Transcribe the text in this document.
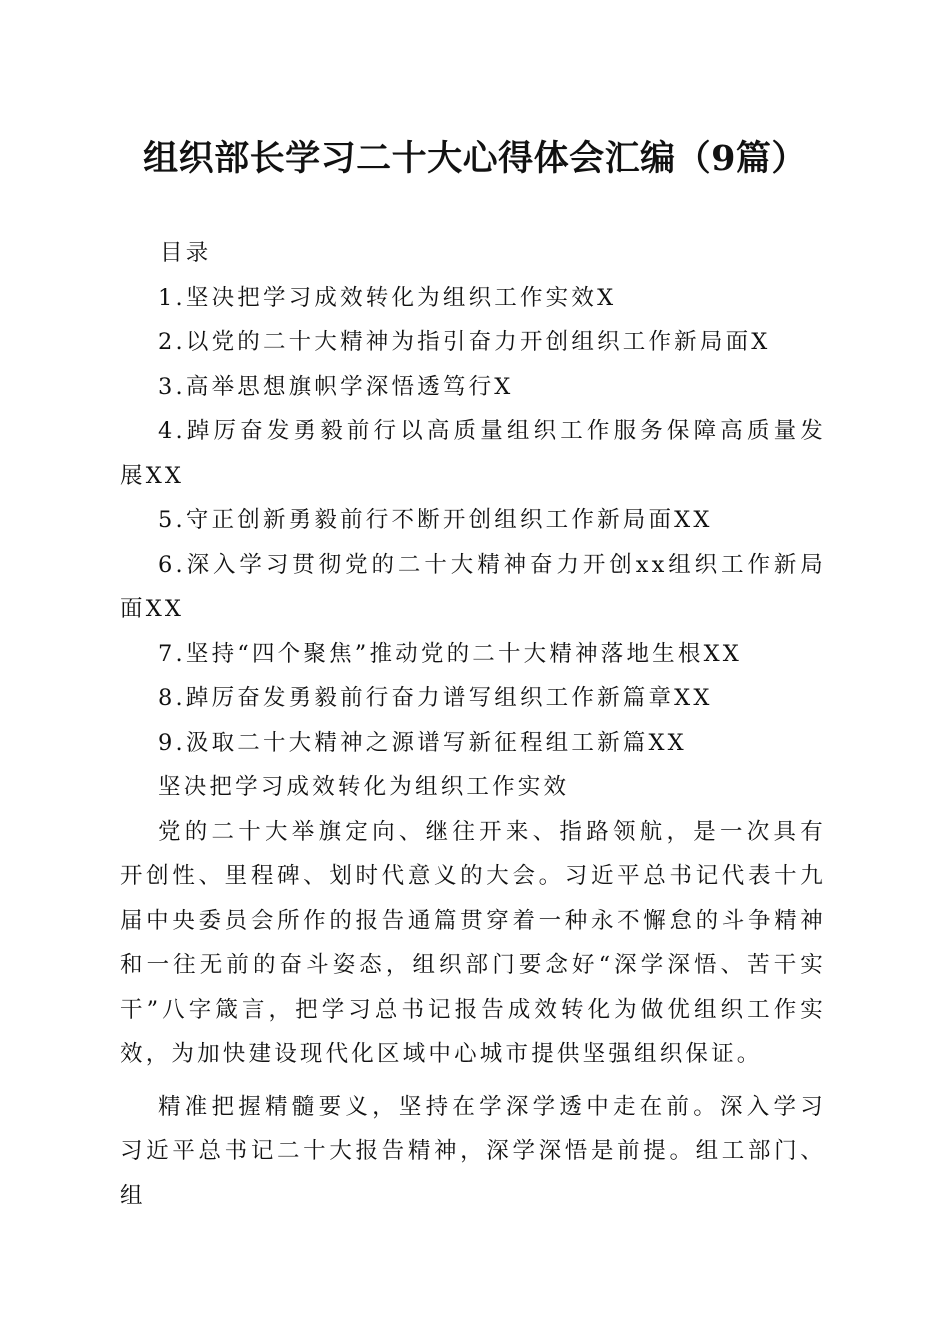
组织部长学习二十大心得体会汇编（9篇）

目录

1.坚决把学习成效转化为组织工作实效X

2.以党的二十大精神为指引奋力开创组织工作新局面X

3.高举思想旗帜学深悟透笃行X

4.踔厉奋发勇毅前行以高质量组织工作服务保障高质量发展XX

5.守正创新勇毅前行不断开创组织工作新局面XX

6.深入学习贯彻党的二十大精神奋力开创xx组织工作新局面XX

7.坚持“四个聚焦”推动党的二十大精神落地生根XX

8.踔厉奋发勇毅前行奋力谱写组织工作新篇章XX

9.汲取二十大精神之源谱写新征程组工新篇XX

坚决把学习成效转化为组织工作实效

党的二十大举旗定向、继往开来、指路领航，是一次具有开创性、里程碑、划时代意义的大会。习近平总书记代表十九届中央委员会所作的报告通篇贯穿着一种永不懈怠的斗争精神和一往无前的奋斗姿态，组织部门要念好“深学深悟、苦干实干”八字箴言，把学习总书记报告成效转化为做优组织工作实效，为加快建设现代化区域中心城市提供坚强组织保证。

精准把握精髓要义，坚持在学深学透中走在前。深入学习习近平总书记二十大报告精神，深学深悟是前提。组工部门、组
